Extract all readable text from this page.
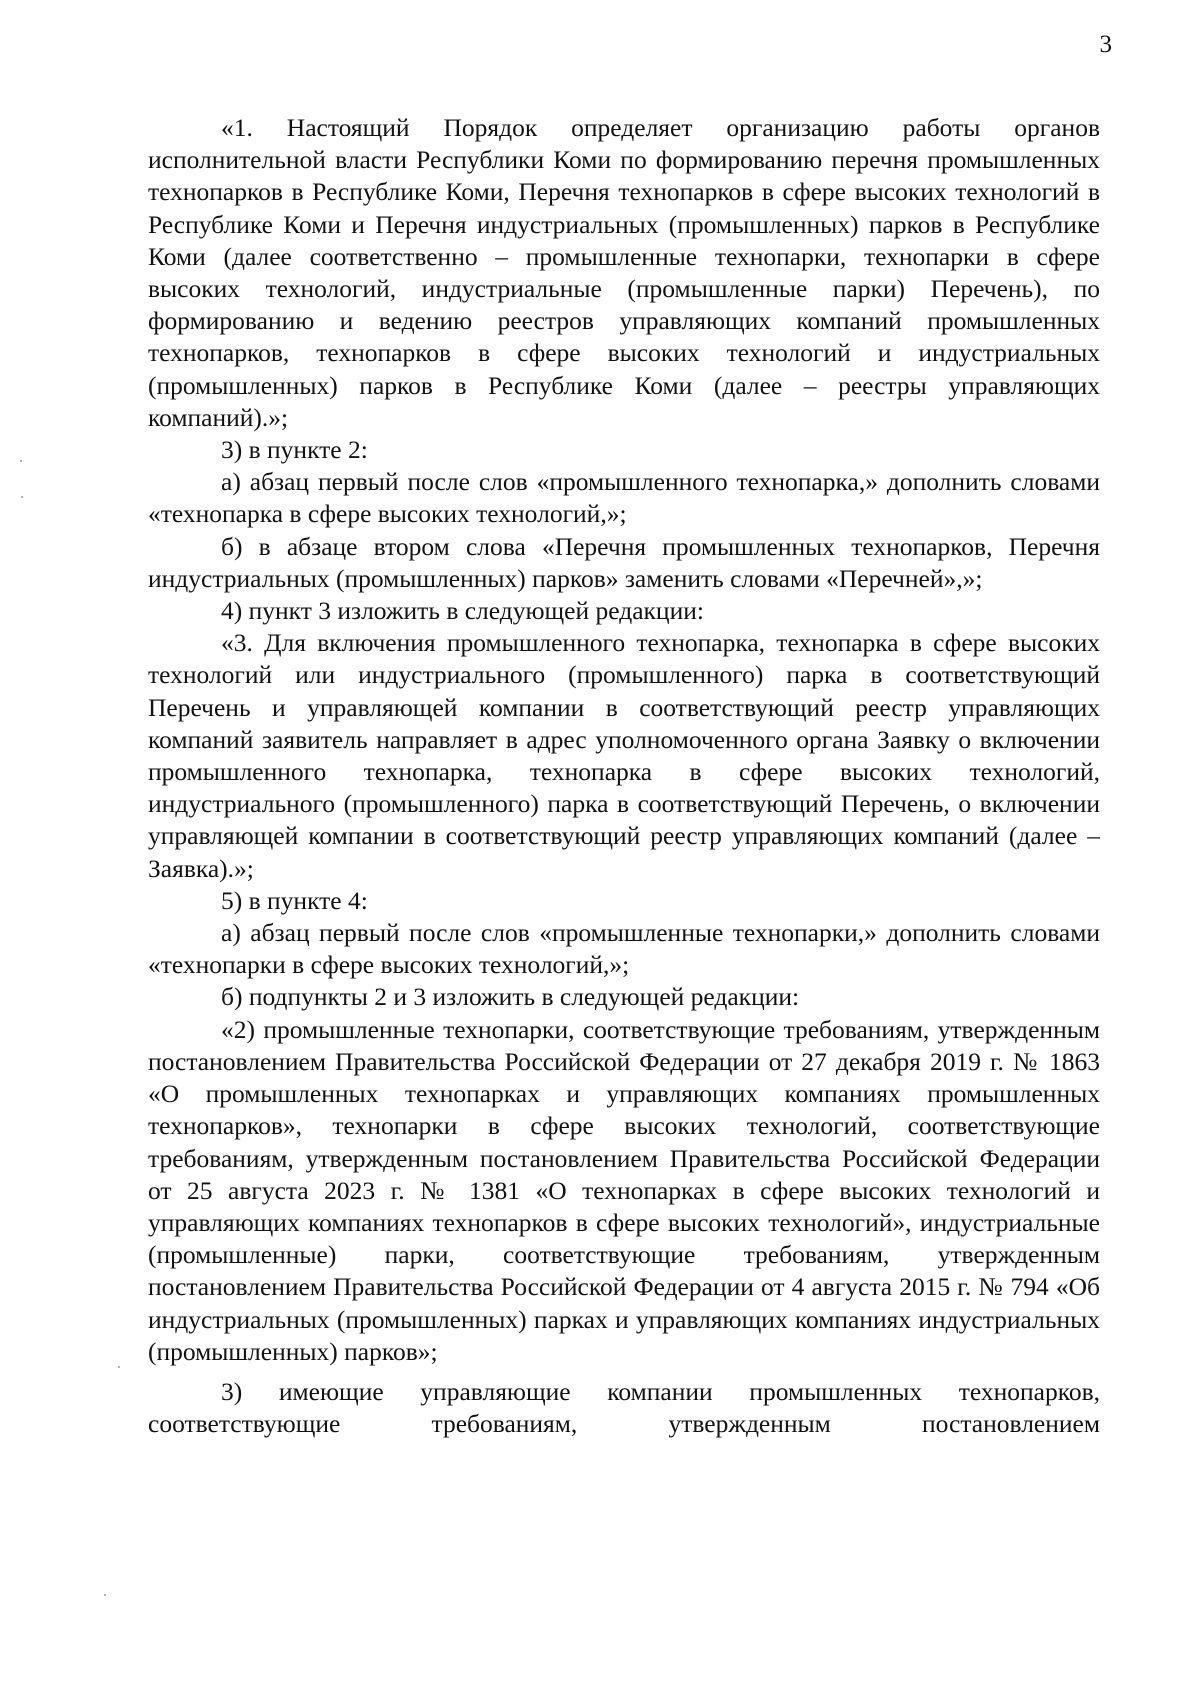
3

«1. Настоящий Порядок определяет организацию работы органов исполнительной власти Республики Коми по формированию перечня промышленных технопарков в Республике Коми, Перечня технопарков в сфере высоких технологий в Республике Коми и Перечня индустриальных (промышленных) парков в Республике Коми (далее соответственно – промышленные технопарки, технопарки в сфере высоких технологий, индустриальные (промышленные парки) Перечень), по формированию и ведению реестров управляющих компаний промышленных технопарков, технопарков в сфере высоких технологий и индустриальных (промышленных) парков в Республике Коми (далее – реестры управляющих компаний).»;

3) в пункте 2:

а) абзац первый после слов «промышленного технопарка,» дополнить словами «технопарка в сфере высоких технологий,»;

б) в абзаце втором слова «Перечня промышленных технопарков, Перечня индустриальных (промышленных) парков» заменить словами «Перечней»,»;

4) пункт 3 изложить в следующей редакции:

«3. Для включения промышленного технопарка, технопарка в сфере высоких технологий или индустриального (промышленного) парка в соответствующий Перечень и управляющей компании в соответствующий реестр управляющих компаний заявитель направляет в адрес уполномоченного органа Заявку о включении промышленного технопарка, технопарка в сфере высоких технологий, индустриального (промышленного) парка в соответствующий Перечень, о включении управляющей компании в соответствующий реестр управляющих компаний (далее – Заявка).»;

5) в пункте 4:

а) абзац первый после слов «промышленные технопарки,» дополнить словами «технопарки в сфере высоких технологий,»;

б) подпункты 2 и 3 изложить в следующей редакции:

«2) промышленные технопарки, соответствующие требованиям, утвержденным постановлением Правительства Российской Федерации от 27 декабря 2019 г. № 1863 «О промышленных технопарках и управляющих компаниях промышленных технопарков», технопарки в сфере высоких технологий, соответствующие требованиям, утвержденным постановлением Правительства Российской Федерации от 25 августа 2023 г. № 1381 «О технопарках в сфере высоких технологий и управляющих компаниях технопарков в сфере высоких технологий», индустриальные (промышленные) парки, соответствующие требованиям, утвержденным постановлением Правительства Российской Федерации от 4 августа 2015 г. № 794 «Об индустриальных (промышленных) парках и управляющих компаниях индустриальных (промышленных) парков»;

3) имеющие управляющие компании промышленных технопарков, соответствующие требованиям, утвержденным постановлением
